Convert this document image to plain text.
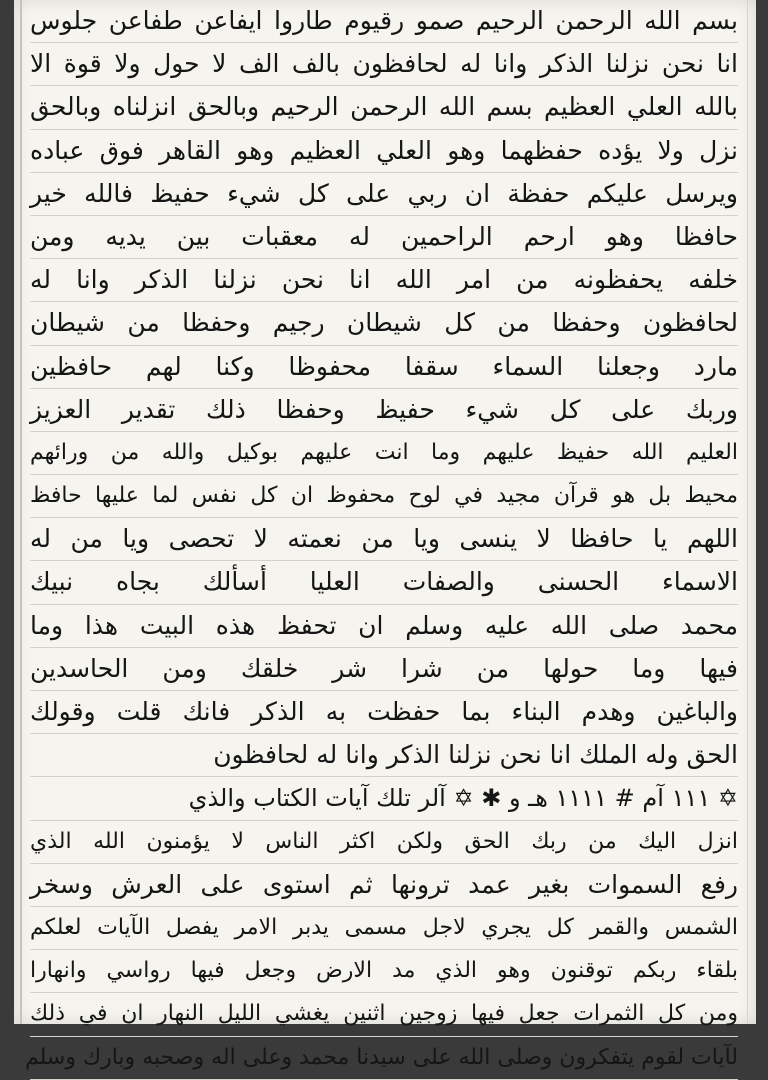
بسم الله الرحمن الرحيم صمو رقيوم طاروا ايفاعن طفاعن جلوس
انا نحن نزلنا الذكر وانا له لحافظون بالف الف لا حول ولا قوة الا
بالله العلي العظيم بسم الله الرحمن الرحيم وبالحق انزلناه وبالحق
نزل ولا يؤده حفظهما وهو العلي العظيم وهو القاهر فوق عباده
ويرسل عليكم حفظة ان ربي على كل شيء حفيظ فالله خير
حافظا وهو ارحم الراحمين له معقبات بين يديه ومن
خلفه يحفظونه من امر الله انا نحن نزلنا الذكر وانا له
لحافظون وحفظا من كل شيطان رجيم وحفظا من شيطان
مارد وجعلنا السماء سقفا محفوظا وكنا لهم حافظين
وربك على كل شيء حفيظ وحفظا ذلك تقدير العزيز
العليم الله حفيظ عليهم وما انت عليهم بوكيل والله من ورائهم
محيط بل هو قرآن مجيد في لوح محفوظ ان كل نفس لما عليها حافظ
اللهم يا حافظا لا ينسى ويا من نعمته لا تحصى ويا من له
الاسماء الحسنى والصفات العليا أسألك بجاه نبيك
محمد صلى الله عليه وسلم ان تحفظ هذه البيت هذا وما
فيها وما حولها من شرا شر خلقك ومن الحاسدين
والباغين وهدم البناء بما حفظت به الذكر فانك قلت وقولك
الحق وله الملك انا نحن نزلنا الذكر وانا له لحافظون
✡ ١١١ آم # ١١١١ هـ و ✱ ✡ آلر تلك آيات الكتاب والذي
انزل اليك من ربك الحق ولكن اكثر الناس لا يؤمنون الله الذي
رفع السموات بغير عمد ترونها ثم استوى على العرش وسخر
الشمس والقمر كل يجري لاجل مسمى يدبر الامر يفصل الآيات لعلكم
بلقاء ربكم توقنون وهو الذي مد الارض وجعل فيها رواسي وانهارا
ومن كل الثمرات جعل فيها زوجين اثنين يغشي الليل النهار ان في ذلك
لآيات لقوم يتفكرون وصلى الله على سيدنا محمد وعلى اله وصحبه وبارك وسلم
